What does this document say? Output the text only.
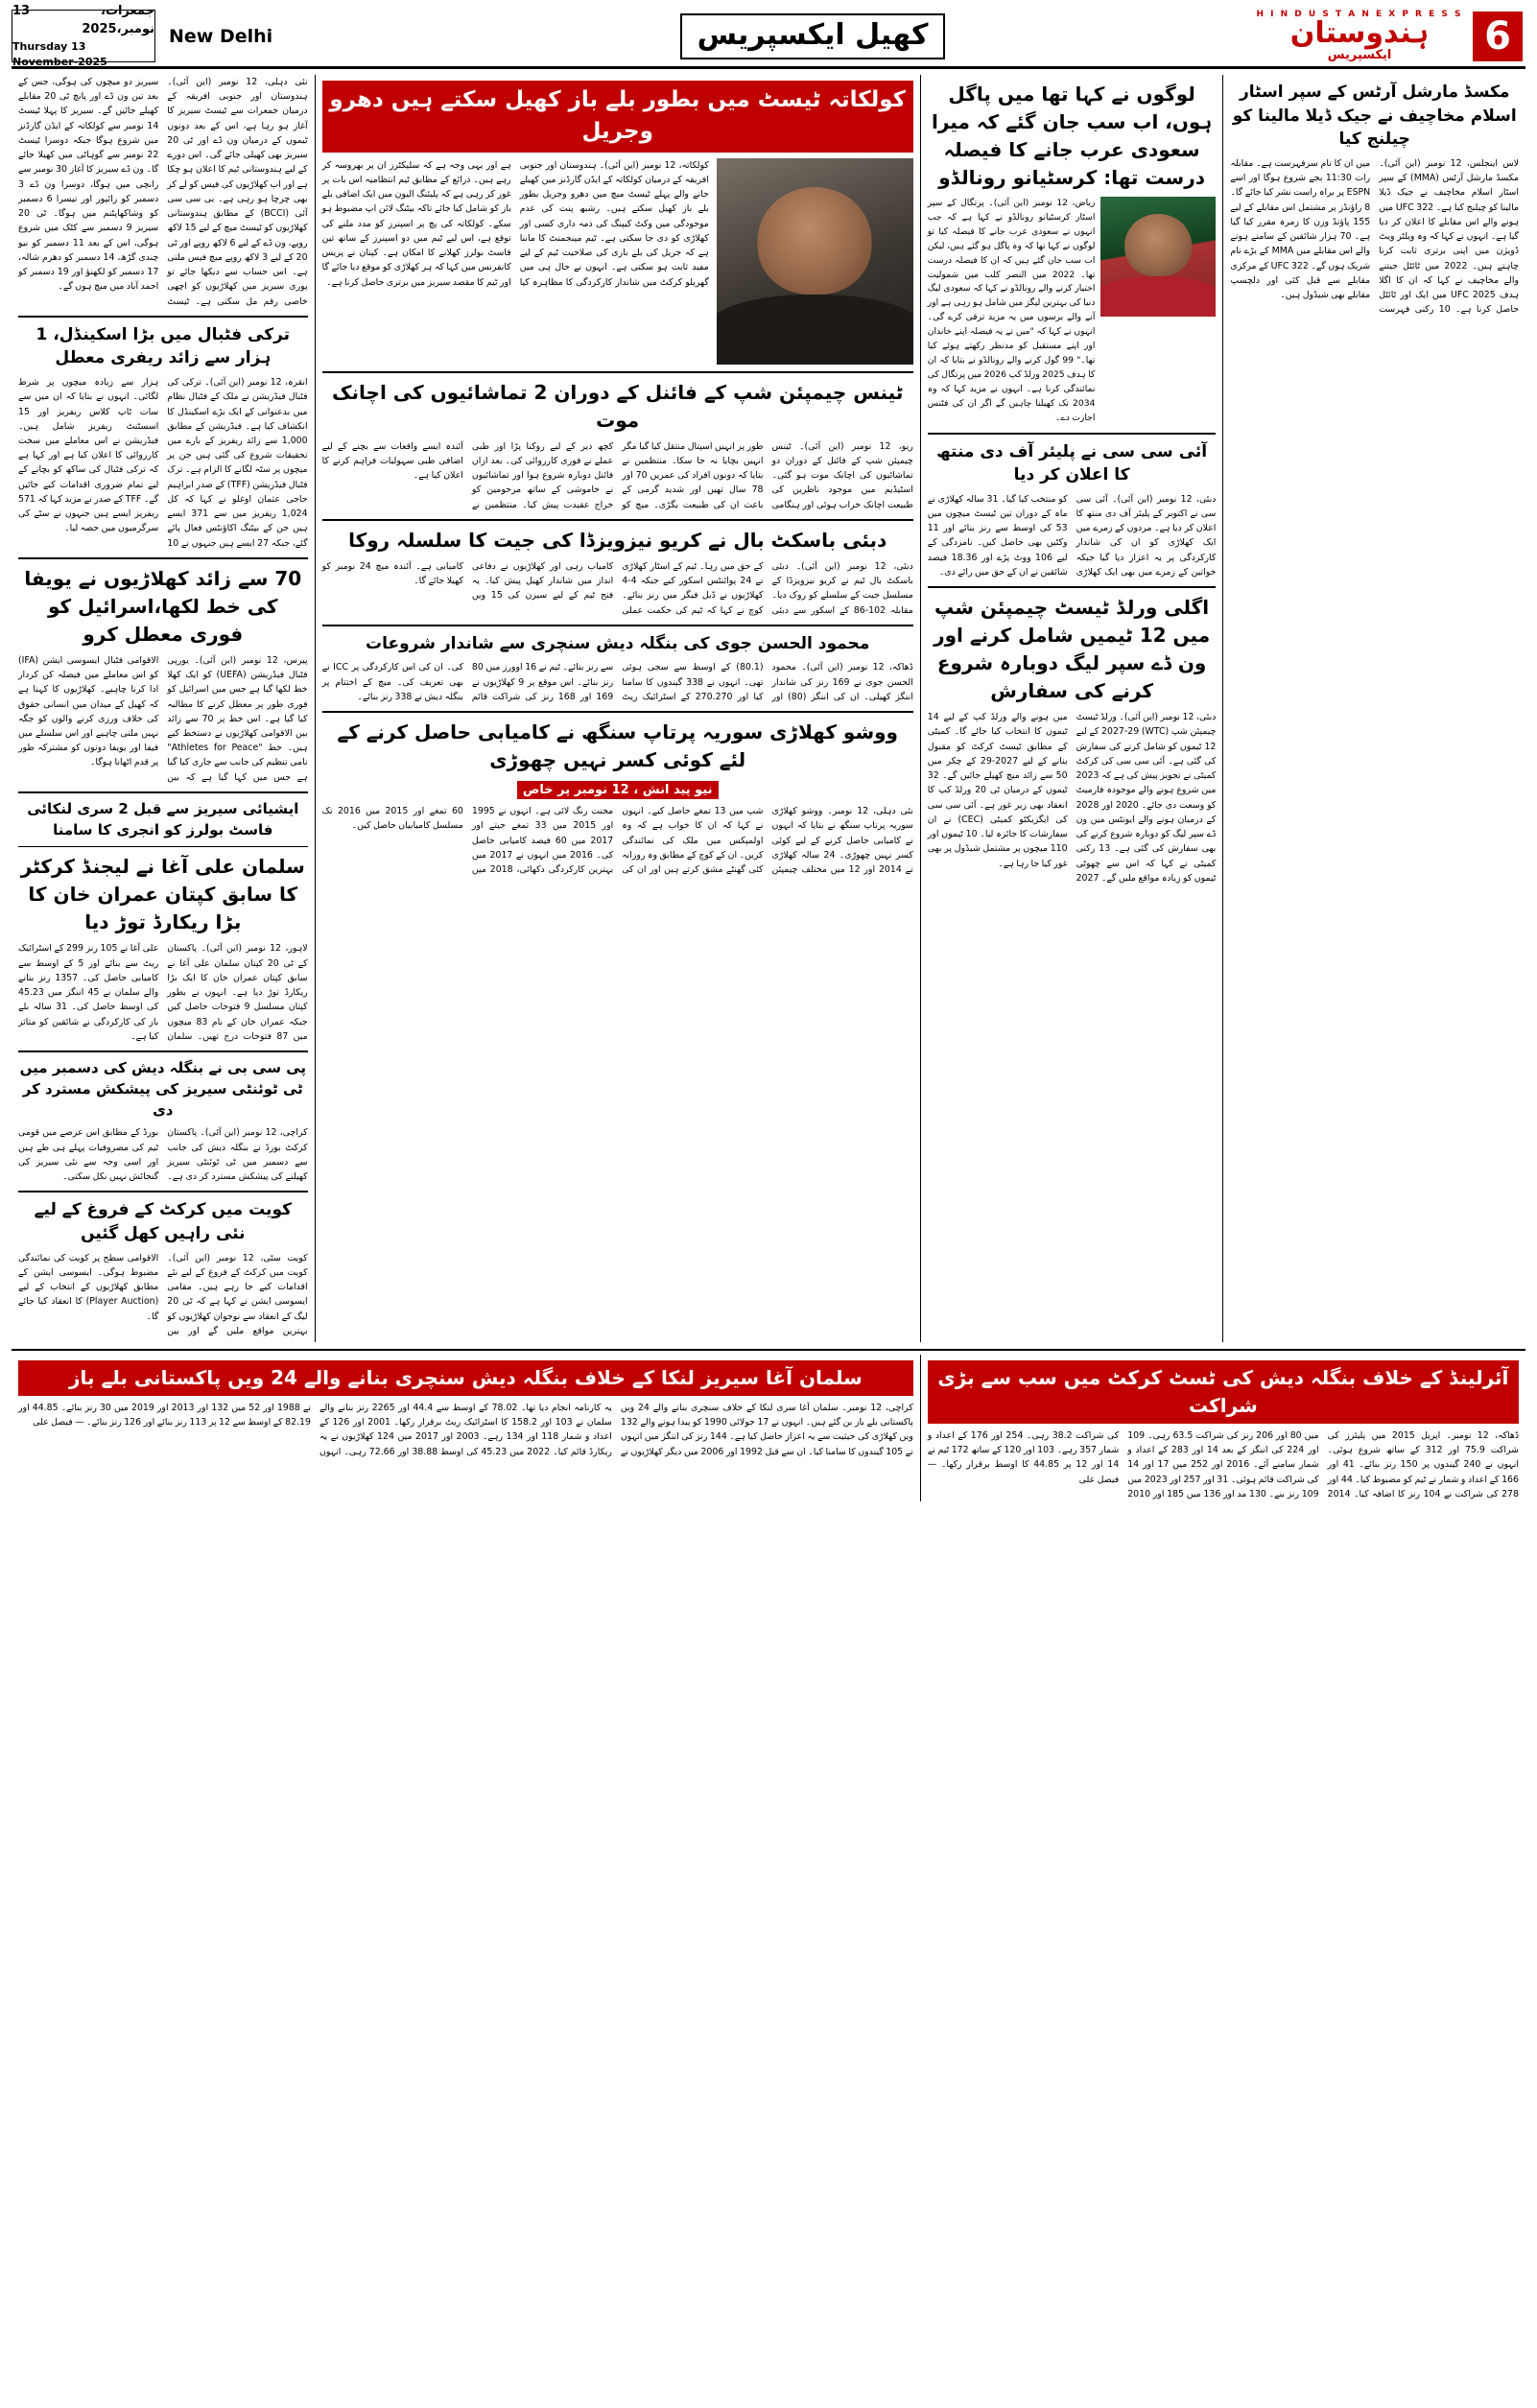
جمعرات، 13 نومبر،2025
Thursday 13 November-2025
New Delhi	کھیل ایکسپریس
H I N D U S T A N E X P R E S S
ہندوستان
ایکسپریس	6
نئی دہلی، 12 نومبر (این آئی)۔ ہندوستان اور جنوبی افریقہ کے درمیان جمعرات سے ٹیسٹ سیریز کا آغاز ہو رہا ہے، اس کے بعد دونوں ٹیموں کے درمیان ون ڈے اور ٹی 20 سیریز بھی کھیلی جائے گی۔ اس دورے کے لیے ہندوستانی ٹیم کا اعلان ہو چکا ہے اور اب کھلاڑیوں کی فیس کو لے کر بھی چرچا ہو رہی ہے۔ بی سی سی آئی (BCCI) کے مطابق ہندوستانی کھلاڑیوں کو ٹیسٹ میچ کے لیے 15 لاکھ روپے، ون ڈے کے لیے 6 لاکھ روپے اور ٹی 20 کے لیے 3 لاکھ روپے میچ فیس ملتی ہے۔ اس حساب سے دیکھا جائے تو پوری سیریز میں کھلاڑیوں کو اچھی خاصی رقم مل سکتی ہے۔ ٹیسٹ سیریز دو میچوں کی ہوگی، جس کے بعد تین ون ڈے اور پانچ ٹی 20 مقابلے کھیلے جائیں گے۔ سیریز کا پہلا ٹیسٹ 14 نومبر سے کولکاتہ کے ایڈن گارڈنز میں شروع ہوگا جبکہ دوسرا ٹیسٹ 22 نومبر سے گوہاٹی میں کھیلا جائے گا۔ ون ڈے سیریز کا آغاز 30 نومبر سے رانچی میں ہوگا، دوسرا ون ڈے 3 دسمبر کو رائپور اور تیسرا 6 دسمبر کو وشاکھاپٹنم میں ہوگا۔ ٹی 20 سیریز 9 دسمبر سے کٹک میں شروع ہوگی، اس کے بعد 11 دسمبر کو نیو چندی گڑھ، 14 دسمبر کو دھرم شالہ، 17 دسمبر کو لکھنؤ اور 19 دسمبر کو احمد آباد میں میچ ہوں گے۔
ترکی فٹبال میں بڑا اسکینڈل، 1 ہزار سے زائد ریفری معطل
انقرہ، 12 نومبر (این آئی)۔ ترکی کی فٹبال فیڈریشن نے ملک کے فٹبال نظام میں بدعنوانی کے ایک بڑے اسکینڈل کا انکشاف کیا ہے۔ فیڈریشن کے مطابق 1,000 سے زائد ریفریز کے بارے میں تحقیقات شروع کی گئی ہیں جن پر میچوں پر سٹہ لگانے کا الزام ہے۔ ترک فٹبال فیڈریشن (TFF) کے صدر ابراہیم حاجی عثمان اوغلو نے کہا کہ کل 1,024 ریفریز میں سے 371 ایسے ہیں جن کے بیٹنگ اکاؤنٹس فعال پائے گئے، جبکہ 27 ایسے ہیں جنہوں نے 10 ہزار سے زیادہ میچوں پر شرط لگائی۔ انہوں نے بتایا کہ ان میں سے سات ٹاپ کلاس ریفریز اور 15 اسسٹنٹ ریفریز شامل ہیں۔ فیڈریشن نے اس معاملے میں سخت کارروائی کا اعلان کیا ہے اور کہا ہے کہ ترکی فٹبال کی ساکھ کو بچانے کے لیے تمام ضروری اقدامات کیے جائیں گے۔ TFF کے صدر نے مزید کہا کہ 571 ریفریز ایسے ہیں جنہوں نے سٹے کی سرگرمیوں میں حصہ لیا۔
70 سے زائد کھلاڑیوں نے یویفا کی خط لکھا،اسرائیل کو فوری معطل کرو
پیرس، 12 نومبر (این آئی)۔ یورپی فٹبال فیڈریشن (UEFA) کو ایک کھلا خط لکھا گیا ہے جس میں اسرائیل کو فوری طور پر معطل کرنے کا مطالبہ کیا گیا ہے۔ اس خط پر 70 سے زائد بین الاقوامی کھلاڑیوں نے دستخط کیے ہیں۔ خط "Athletes for Peace" نامی تنظیم کی جانب سے جاری کیا گیا ہے جس میں کہا گیا ہے کہ بین الاقوامی فٹبال ایسوسی ایشن (IFA) کو اس معاملے میں فیصلہ کن کردار ادا کرنا چاہیے۔ کھلاڑیوں کا کہنا ہے کہ کھیل کے میدان میں انسانی حقوق کی خلاف ورزی کرنے والوں کو جگہ نہیں ملنی چاہیے اور اس سلسلے میں فیفا اور یویفا دونوں کو مشترکہ طور پر قدم اٹھانا ہوگا۔
ایشیائی سیریز سے قبل 2 سری لنکائی فاسٹ بولرز کو انجری کا سامنا
سلمان علی آغا نے لیجنڈ کرکٹر کا سابق کپتان عمران خان کا بڑا ریکارڈ توڑ دیا
لاہور، 12 نومبر (این آئی)۔ پاکستان کے ٹی 20 کپتان سلمان علی آغا نے سابق کپتان عمران خان کا ایک بڑا ریکارڈ توڑ دیا ہے۔ انہوں نے بطور کپتان مسلسل 9 فتوحات حاصل کیں جبکہ عمران خان کے نام 83 میچوں میں 87 فتوحات درج تھیں۔ سلمان علی آغا نے 105 رنز 299 کے اسٹرائیک ریٹ سے بنائے اور 5 کے اوسط سے کامیابی حاصل کی۔ 1357 رنز بنانے والے سلمان نے 45 اننگز میں 45.23 کی اوسط حاصل کی۔ 31 سالہ بلے باز کی کارکردگی نے شائقین کو متاثر کیا ہے۔
پی سی بی نے بنگلہ دیش کی دسمبر میں ٹی ٹوئنٹی سیریز کی پیشکش مسترد کر دی
کراچی، 12 نومبر (این آئی)۔ پاکستان کرکٹ بورڈ نے بنگلہ دیش کی جانب سے دسمبر میں ٹی ٹوئنٹی سیریز کھیلنے کی پیشکش مسترد کر دی ہے۔ بورڈ کے مطابق اس عرصے میں قومی ٹیم کی مصروفیات پہلے ہی طے ہیں اور اسی وجہ سے نئی سیریز کی گنجائش نہیں نکل سکتی۔
کویت میں کرکٹ کے فروغ کے لیے نئی راہیں کھل گئیں
کویت سٹی، 12 نومبر (این آئی)۔ کویت میں کرکٹ کے فروغ کے لیے نئے اقدامات کیے جا رہے ہیں۔ مقامی ایسوسی ایشن نے کہا ہے کہ ٹی 20 لیگ کے انعقاد سے نوجوان کھلاڑیوں کو بہترین مواقع ملیں گے اور بین الاقوامی سطح پر کویت کی نمائندگی مضبوط ہوگی۔ ایسوسی ایشن کے مطابق کھلاڑیوں کے انتخاب کے لیے (Player Auction) کا انعقاد کیا جائے گا۔
کولکاتہ ٹیسٹ میں بطور بلے باز کھیل سکتے ہیں دھرو وجریل
کولکاتہ، 12 نومبر (این آئی)۔ ہندوستان اور جنوبی افریقہ کے درمیان کولکاتہ کے ایڈن گارڈنز میں کھیلے جانے والے پہلے ٹیسٹ میچ میں دھرو وجریل بطور بلے باز کھیل سکتے ہیں۔ رشبھ پنت کی عدم موجودگی میں وکٹ کیپنگ کی ذمہ داری کسی اور کھلاڑی کو دی جا سکتی ہے۔ ٹیم مینجمنٹ کا ماننا ہے کہ جریل کی بلے بازی کی صلاحیت ٹیم کے لیے مفید ثابت ہو سکتی ہے۔ انہوں نے حال ہی میں گھریلو کرکٹ میں شاندار کارکردگی کا مظاہرہ کیا ہے اور یہی وجہ ہے کہ سلیکٹرز ان پر بھروسہ کر رہے ہیں۔ ذرائع کے مطابق ٹیم انتظامیہ اس بات پر غور کر رہی ہے کہ پلیئنگ الیون میں ایک اضافی بلے باز کو شامل کیا جائے تاکہ بیٹنگ لائن اپ مضبوط ہو سکے۔ کولکاتہ کی پچ پر اسپنرز کو مدد ملنے کی توقع ہے، اس لیے ٹیم میں دو اسپنرز کے ساتھ تین فاسٹ بولرز کھلانے کا امکان ہے۔ کپتان نے پریس کانفرنس میں کہا کہ ہر کھلاڑی کو موقع دیا جائے گا اور ٹیم کا مقصد سیریز میں برتری حاصل کرنا ہے۔
ٹینس چیمپئن شپ کے فائنل کے دوران 2 تماشائیوں کی اچانک موت
ریو، 12 نومبر (این آئی)۔ ٹینس چیمپئن شپ کے فائنل کے دوران دو تماشائیوں کی اچانک موت ہو گئی۔ اسٹیڈیم میں موجود ناظرین کی طبیعت اچانک خراب ہوئی اور ہنگامی طور پر انہیں اسپتال منتقل کیا گیا مگر انہیں بچایا نہ جا سکا۔ منتظمین نے بتایا کہ دونوں افراد کی عمریں 70 اور 78 سال تھیں اور شدید گرمی کے باعث ان کی طبیعت بگڑی۔ میچ کو کچھ دیر کے لیے روکنا پڑا اور طبی عملے نے فوری کارروائی کی۔ بعد ازاں فائنل دوبارہ شروع ہوا اور تماشائیوں نے خاموشی کے ساتھ مرحومین کو خراج عقیدت پیش کیا۔ منتظمین نے آئندہ ایسے واقعات سے بچنے کے لیے اضافی طبی سہولیات فراہم کرنے کا اعلان کیا ہے۔
دبئی باسکٹ بال نے کریو نیزویزڈا کی جیت کا سلسلہ روکا
دبئی، 12 نومبر (این آئی)۔ دبئی باسکٹ بال ٹیم نے کریو نیزویزڈا کے مسلسل جیت کے سلسلے کو روک دیا۔ مقابلہ 102-86 کے اسکور سے دبئی کے حق میں رہا۔ ٹیم کے اسٹار کھلاڑی نے 24 پوائنٹس اسکور کیے جبکہ 4-4 کھلاڑیوں نے ڈبل فیگر میں رنز بنائے۔ کوچ نے کہا کہ ٹیم کی حکمت عملی کامیاب رہی اور کھلاڑیوں نے دفاعی انداز میں شاندار کھیل پیش کیا۔ یہ فتح ٹیم کے لیے سیزن کی 15 ویں کامیابی ہے۔ آئندہ میچ 24 نومبر کو کھیلا جائے گا۔
محمود الحسن جوی کی بنگلہ دیش سنچری سے شاندار شروعات
ڈھاکہ، 12 نومبر (این آئی)۔ محمود الحسن جوی نے 169 رنز کی شاندار اننگز کھیلی۔ ان کی اننگز (80) اور (80.1) کے اوسط سے سجی ہوئی تھی۔ انہوں نے 338 گیندوں کا سامنا کیا اور 270.270 کے اسٹرائیک ریٹ سے رنز بنائے۔ ٹیم نے 16 اوورز میں 80 رنز بنائے۔ اس موقع پر 9 کھلاڑیوں نے 169 اور 168 رنز کی شراکت قائم کی۔ ان کی اس کارکردگی پر ICC نے بھی تعریف کی۔ میچ کے اختتام پر بنگلہ دیش نے 338 رنز بنائے۔
ووشو کھلاڑی سوریہ پرتاپ سنگھ نے کامیابی حاصل کرنے کے لئے کوئی کسر نہیں چھوڑی
نیو پید انش ، 12 نومبر پر خاص
نئی دہلی، 12 نومبر۔ ووشو کھلاڑی سوریہ پرتاپ سنگھ نے بتایا کہ انہوں نے کامیابی حاصل کرنے کے لیے کوئی کسر نہیں چھوڑی۔ 24 سالہ کھلاڑی نے 2014 اور 12 میں مختلف چیمپئن شپ میں 13 تمغے حاصل کیے۔ انہوں نے کہا کہ ان کا خواب ہے کہ وہ اولمپکس میں ملک کی نمائندگی کریں۔ ان کے کوچ کے مطابق وہ روزانہ کئی گھنٹے مشق کرتے ہیں اور ان کی محنت رنگ لائی ہے۔ انہوں نے 1995 اور 2015 میں 33 تمغے جیتے اور 2017 میں 60 فیصد کامیابی حاصل کی۔ 2016 میں انہوں نے 2017 میں بہترین کارکردگی دکھائی، 2018 میں 60 تمغے اور 2015 میں 2016 تک مسلسل کامیابیاں حاصل کیں۔
لوگوں نے کہا تھا میں پاگل ہوں، اب سب جان گئے کہ میرا سعودی عرب جانے کا فیصلہ درست تھا: کرسٹیانو رونالڈو
ریاض، 12 نومبر (این آئی)۔ پرتگال کے سپر اسٹار کرسٹیانو رونالڈو نے کہا ہے کہ جب انہوں نے سعودی عرب جانے کا فیصلہ کیا تو لوگوں نے کہا تھا کہ وہ پاگل ہو گئے ہیں، لیکن اب سب جان گئے ہیں کہ ان کا فیصلہ درست تھا۔ 2022 میں النصر کلب میں شمولیت اختیار کرنے والے رونالڈو نے کہا کہ سعودی لیگ دنیا کی بہترین لیگز میں شامل ہو رہی ہے اور آنے والے برسوں میں یہ مزید ترقی کرے گی۔ انہوں نے کہا کہ "میں نے یہ فیصلہ اپنے خاندان اور اپنے مستقبل کو مدنظر رکھتے ہوئے کیا تھا۔" 99 گول کرنے والے رونالڈو نے بتایا کہ ان کا ہدف 2025 ورلڈ کپ 2026 میں پرتگال کی نمائندگی کرنا ہے۔ انہوں نے مزید کہا کہ وہ 2034 تک کھیلنا چاہیں گے اگر ان کی فٹنس اجازت دے۔
آئی سی سی نے پلیئر آف دی منتھ کا اعلان کر دیا
دبئی، 12 نومبر (این آئی)۔ آئی سی سی نے اکتوبر کے پلیئر آف دی منتھ کا اعلان کر دیا ہے۔ مردوں کے زمرے میں ایک کھلاڑی کو ان کی شاندار کارکردگی پر یہ اعزاز دیا گیا جبکہ خواتین کے زمرے میں بھی ایک کھلاڑی کو منتخب کیا گیا۔ 31 سالہ کھلاڑی نے ماہ کے دوران تین ٹیسٹ میچوں میں 53 کی اوسط سے رنز بنائے اور 11 وکٹیں بھی حاصل کیں۔ نامزدگی کے لیے 106 ووٹ پڑے اور 18.36 فیصد شائقین نے ان کے حق میں رائے دی۔
اگلی ورلڈ ٹیسٹ چیمپئن شپ میں 12 ٹیمیں شامل کرنے اور ون ڈے سپر لیگ دوبارہ شروع کرنے کی سفارش
دبئی، 12 نومبر (این آئی)۔ ورلڈ ٹیسٹ چیمپئن شپ (WTC) 2027-29 کے لیے 12 ٹیموں کو شامل کرنے کی سفارش کی گئی ہے۔ آئی سی سی کی کرکٹ کمیٹی نے تجویز پیش کی ہے کہ 2023 میں شروع ہونے والے موجودہ فارمیٹ کو وسعت دی جائے۔ 2020 اور 2028 کے درمیان ہونے والے ایونٹس میں ون ڈے سپر لیگ کو دوبارہ شروع کرنے کی بھی سفارش کی گئی ہے۔ 13 رکنی کمیٹی نے کہا کہ اس سے چھوٹی ٹیموں کو زیادہ مواقع ملیں گے۔ 2027 میں ہونے والے ورلڈ کپ کے لیے 14 ٹیموں کا انتخاب کیا جائے گا۔ کمیٹی کے مطابق ٹیسٹ کرکٹ کو مقبول بنانے کے لیے 2027-29 کے چکر میں 50 سے زائد میچ کھیلے جائیں گے۔ 32 ٹیموں کے درمیان ٹی 20 ورلڈ کپ کا انعقاد بھی زیر غور ہے۔ آئی سی سی کی ایگزیکٹو کمیٹی (CEC) نے ان سفارشات کا جائزہ لیا۔ 10 ٹیموں اور 110 میچوں پر مشتمل شیڈول پر بھی غور کیا جا رہا ہے۔
مکسڈ مارشل آرٹس کے سپر اسٹار اسلام مخاچیف نے جیک ڈیلا مالینا کو چیلنج کیا
لاس اینجلس، 12 نومبر (این آئی)۔ مکسڈ مارشل آرٹس (MMA) کے سپر اسٹار اسلام مخاچیف نے جیک ڈیلا مالینا کو چیلنج کیا ہے۔ UFC 322 میں ہونے والے اس مقابلے کا اعلان کر دیا گیا ہے۔ انہوں نے کہا کہ وہ ویلٹر ویٹ ڈویژن میں اپنی برتری ثابت کرنا چاہتے ہیں۔ 2022 میں ٹائٹل جیتنے والے مخاچیف نے کہا کہ ان کا اگلا ہدف UFC 2025 میں ایک اور ٹائٹل حاصل کرنا ہے۔ 10 رکنی فہرست میں ان کا نام سرفہرست ہے۔ مقابلہ رات 11:30 بجے شروع ہوگا اور اسے ESPN پر براہ راست نشر کیا جائے گا۔ 8 راؤنڈز پر مشتمل اس مقابلے کے لیے 155 پاؤنڈ وزن کا زمرہ مقرر کیا گیا ہے۔ 70 ہزار شائقین کے سامنے ہونے والے اس مقابلے میں MMA کے بڑے نام شریک ہوں گے۔ UFC 322 کے مرکزی مقابلے سے قبل کئی اور دلچسپ مقابلے بھی شیڈول ہیں۔
سلمان آغا سیریز لنکا کے خلاف بنگلہ دیش سنچری بنانے والے 24 ویں پاکستانی بلے باز
کراچی، 12 نومبر۔ سلمان آغا سری لنکا کے خلاف سنچری بنانے والے 24 ویں پاکستانی بلے باز بن گئے ہیں۔ انہوں نے 17 جولائی 1990 کو پیدا ہونے والے 132 ویں کھلاڑی کی حیثیت سے یہ اعزاز حاصل کیا ہے۔ 144 رنز کی اننگز میں انہوں نے 105 گیندوں کا سامنا کیا۔ ان سے قبل 1992 اور 2006 میں دیگر کھلاڑیوں نے یہ کارنامہ انجام دیا تھا۔ 78.02 کے اوسط سے 44.4 اور 2265 رنز بنانے والے سلمان نے 103 اور 158.2 کا اسٹرائیک ریٹ برقرار رکھا۔ 2001 اور 126 کے اعداد و شمار 118 اور 134 رہے۔ 2003 اور 2017 میں 124 کھلاڑیوں نے یہ ریکارڈ قائم کیا۔ 2022 میں 45.23 کی اوسط 38.88 اور 72.66 رہی۔ انہوں نے 1988 اور 52 میں 132 اور 2013 اور 2019 میں 30 رنز بنائے۔ 44.85 اور 82.19 کے اوسط سے 12 پر 113 رنز بنائے اور 126 رنز بنائے۔ — فیصل علی
آئرلینڈ کے خلاف بنگلہ دیش کی ٹسٹ کرکٹ میں سب سے بڑی شراکت
ڈھاکہ، 12 نومبر۔ اپریل 2015 میں پلیئرز کی شراکت 75.9 اور 312 کے ساتھ شروع ہوئی۔ انہوں نے 240 گیندوں پر 150 رنز بنائے۔ 41 اور 166 کے اعداد و شمار نے ٹیم کو مضبوط کیا۔ 44 اور 278 کی شراکت نے 104 رنز کا اضافہ کیا۔ 2014 میں 80 اور 206 رنز کی شراکت 63.5 رہی۔ 109 اور 224 کی اننگز کے بعد 14 اور 283 کے اعداد و شمار سامنے آئے۔ 2016 اور 252 میں 17 اور 14 کی شراکت قائم ہوئی۔ 31 اور 257 اور 2023 میں 109 رنز بنے۔ 130 مد اور 136 میں 185 اور 2010 کی شراکت 38.2 رہی۔ 254 اور 176 کے اعداد و شمار 357 رہے۔ 103 اور 120 کے ساتھ 172 ٹیم نے 14 اور 12 پر 44.85 کا اوسط برقرار رکھا۔ — فیصل علی
